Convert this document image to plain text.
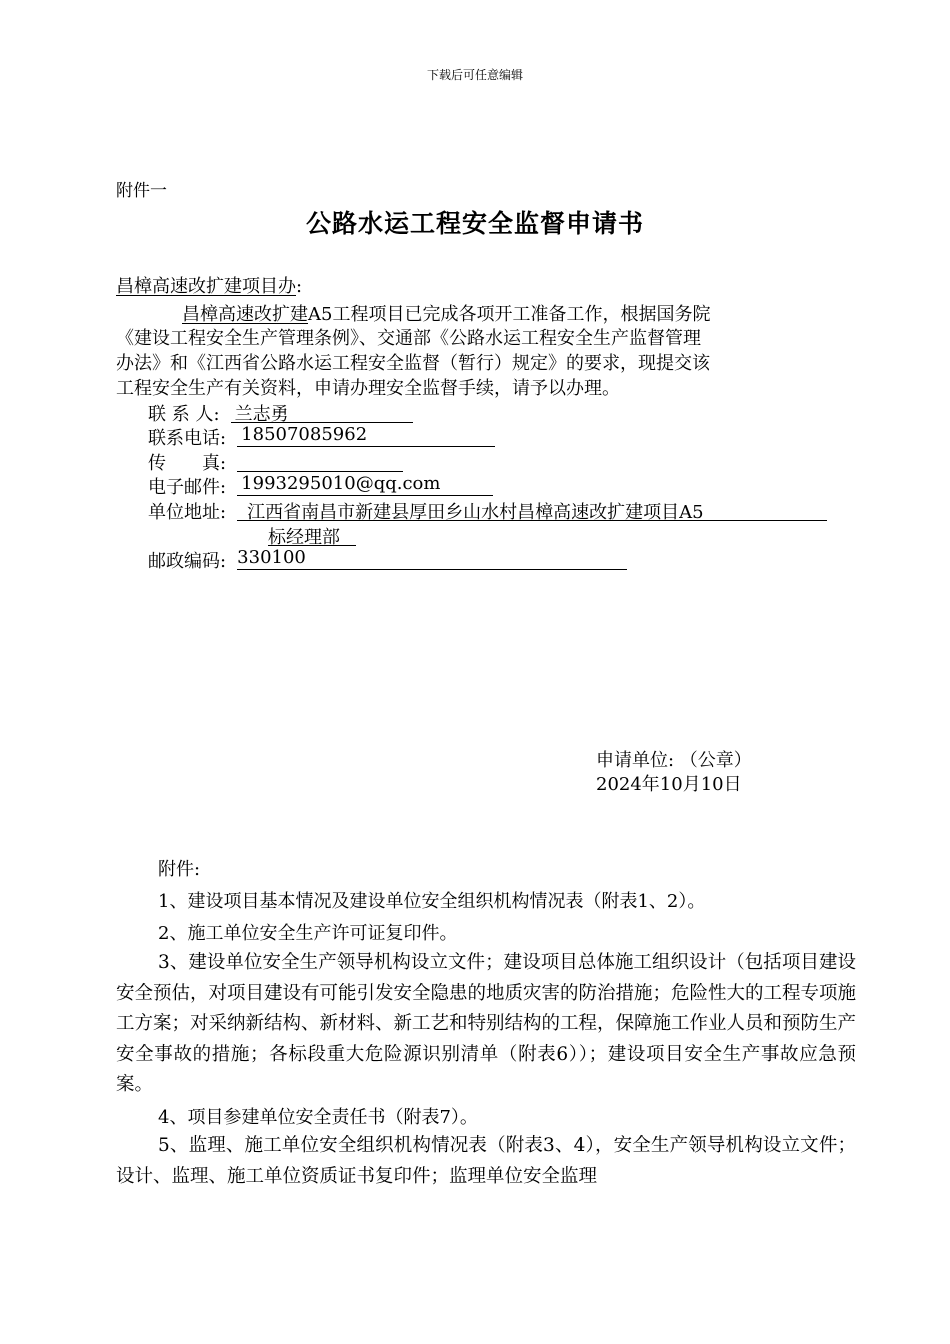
下载后可任意编辑
附件一
公路水运工程安全监督申请书
昌樟高速改扩建项目办:
昌樟高速改扩建A5工程项目已完成各项开工准备工作，根据国务院
《建设工程安全生产管理条例》、交通部《公路水运工程安全生产监督管理
办法》和《江西省公路水运工程安全监督（暂行）规定》的要求，现提交该
工程安全生产有关资料，申请办理安全监督手续，请予以办理。
联 系 人: 兰志勇
联系电话: 18507085962
传　　真:
电子邮件: 1993295010@qq.com
单位地址: 江西省南昌市新建县厚田乡山水村昌樟高速改扩建项目A5
标经理部
邮政编码: 330100
申请单位: （公章）
2024年10月10日
附件:
1、建设项目基本情况及建设单位安全组织机构情况表（附表1、2）。
2、施工单位安全生产许可证复印件。
3、建设单位安全生产领导机构设立文件；建设项目总体施工组织设计（包括项目建设安全预估，对项目建设有可能引发安全隐患的地质灾害的防治措施；危险性大的工程专项施工方案；对采纳新结构、新材料、新工艺和特别结构的工程，保障施工作业人员和预防生产安全事故的措施；各标段重大危险源识别清单（附表6））；建设项目安全生产事故应急预案。
4、项目参建单位安全责任书（附表7）。
5、监理、施工单位安全组织机构情况表（附表3、4），安全生产领导机构设立文件；设计、监理、施工单位资质证书复印件；监理单位安全监理
